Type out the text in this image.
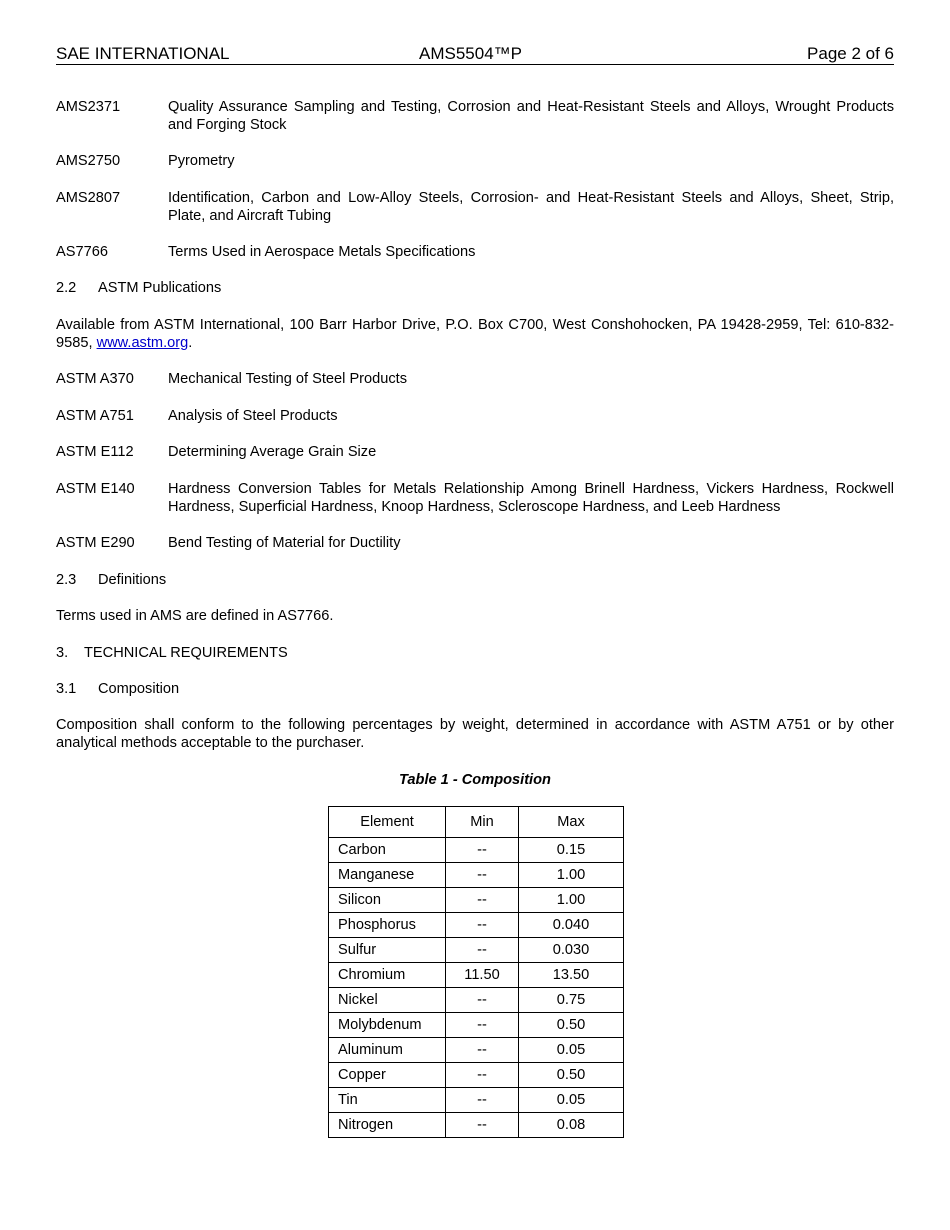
SAE INTERNATIONAL	AMS5504™P	Page 2 of 6
AMS2371	Quality Assurance Sampling and Testing, Corrosion and Heat-Resistant Steels and Alloys, Wrought Products and Forging Stock
AMS2750	Pyrometry
AMS2807	Identification, Carbon and Low-Alloy Steels, Corrosion- and Heat-Resistant Steels and Alloys, Sheet, Strip, Plate, and Aircraft Tubing
AS7766	Terms Used in Aerospace Metals Specifications
2.2 ASTM Publications
Available from ASTM International, 100 Barr Harbor Drive, P.O. Box C700, West Conshohocken, PA 19428-2959, Tel: 610-832-9585, www.astm.org.
ASTM A370 Mechanical Testing of Steel Products
ASTM A751 Analysis of Steel Products
ASTM E112 Determining Average Grain Size
ASTM E140 Hardness Conversion Tables for Metals Relationship Among Brinell Hardness, Vickers Hardness, Rockwell Hardness, Superficial Hardness, Knoop Hardness, Scleroscope Hardness, and Leeb Hardness
ASTM E290 Bend Testing of Material for Ductility
2.3 Definitions
Terms used in AMS are defined in AS7766.
3. TECHNICAL REQUIREMENTS
3.1 Composition
Composition shall conform to the following percentages by weight, determined in accordance with ASTM A751 or by other analytical methods acceptable to the purchaser.
Table 1 - Composition
Element	Min	Max
Carbon	--	0.15
Manganese	--	1.00
Silicon	--	1.00
Phosphorus	--	0.040
Sulfur	--	0.030
Chromium	11.50	13.50
Nickel	--	0.75
Molybdenum	--	0.50
Aluminum	--	0.05
Copper	--	0.50
Tin	--	0.05
Nitrogen	--	0.08
